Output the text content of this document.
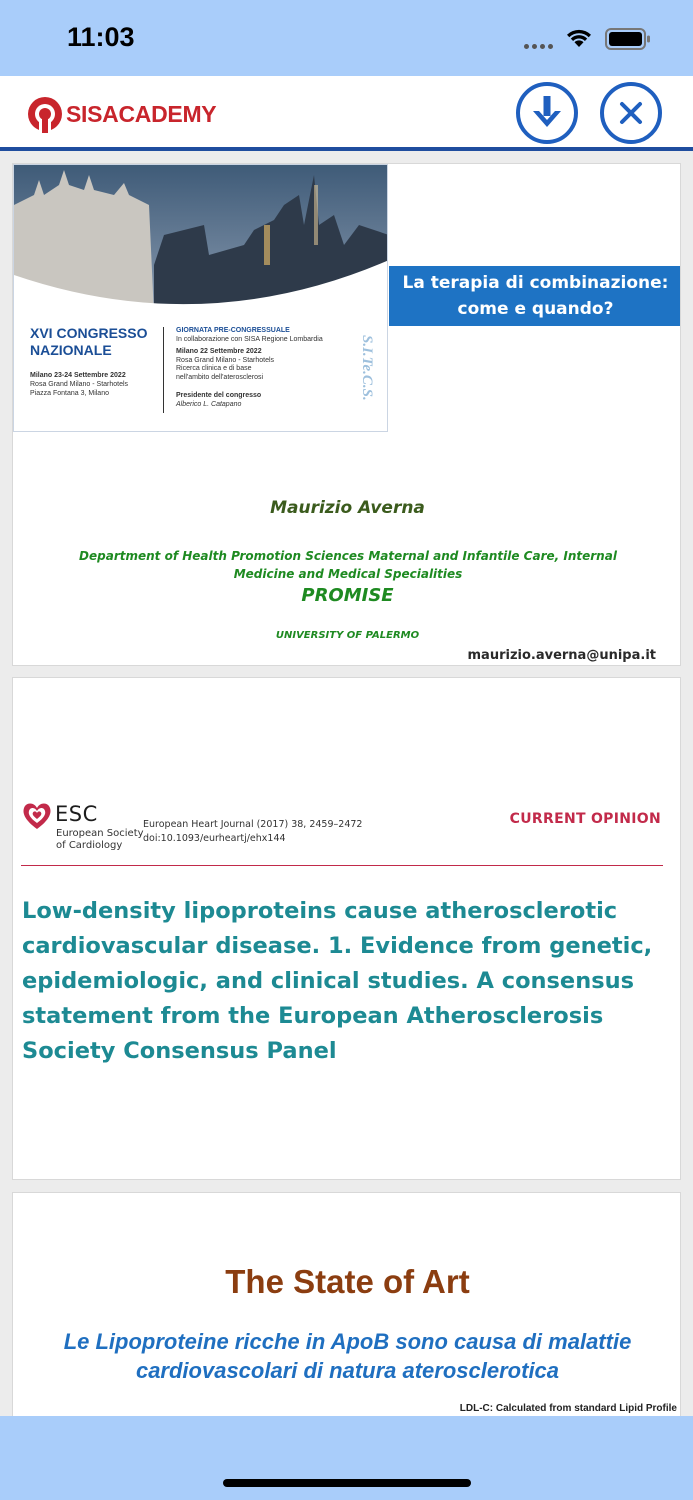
11:03
SISACADEMY
XVI CONGRESSO NAZIONALE
Milano 23-24 Settembre 2022
Rosa Grand Milano - Starhotels
Piazza Fontana 3, Milano
GIORNATA PRE-CONGRESSUALE
In collaborazione con SISA Regione Lombardia
Milano 22 Settembre 2022
Rosa Grand Milano - Starhotels
Ricerca clinica e di base
nell'ambito dell'aterosclerosi
Presidente del congresso
Alberico L. Catapano
S.I.Te.C.S.
La terapia di combinazione: come e quando?
Maurizio Averna
Department of Health Promotion Sciences Maternal and Infantile Care, Internal Medicine and Medical Specialities
PROMISE
UNIVERSITY OF PALERMO
maurizio.averna@unipa.it
ESC
European Society
of Cardiology
European Heart Journal (2017) 38, 2459–2472
doi:10.1093/eurheartj/ehx144
CURRENT OPINION
Low-density lipoproteins cause atherosclerotic cardiovascular disease. 1. Evidence from genetic, epidemiologic, and clinical studies. A consensus statement from the European Atherosclerosis Society Consensus Panel
The State of Art
Le Lipoproteine ricche in ApoB sono causa di malattie cardiovascolari di natura aterosclerotica
LDL-C: Calculated from standard Lipid Profile
